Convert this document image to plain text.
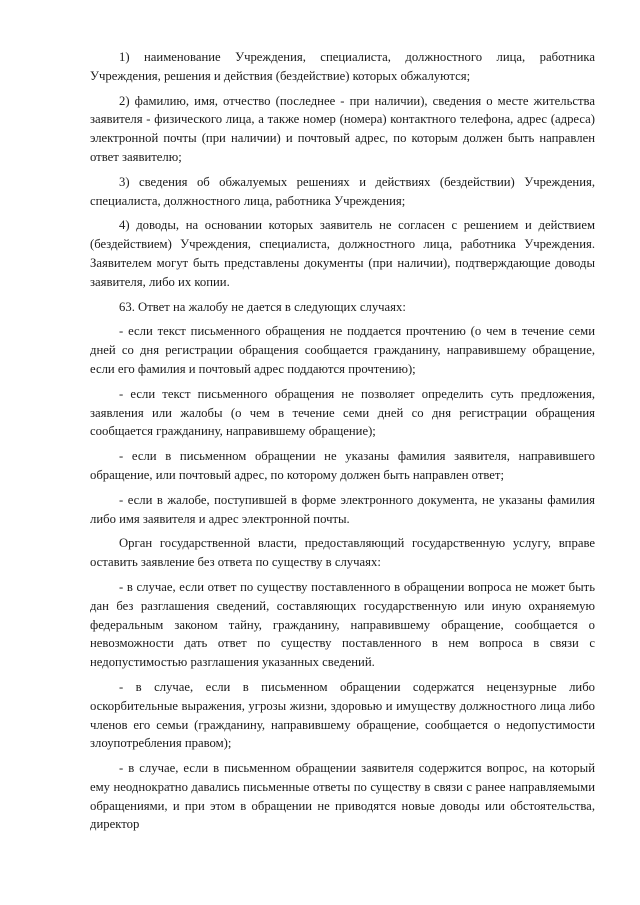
1) наименование Учреждения, специалиста, должностного лица, работника Учреждения, решения и действия (бездействие) которых обжалуются;

2) фамилию, имя, отчество (последнее - при наличии), сведения о месте жительства заявителя - физического лица, а также номер (номера) контактного телефона, адрес (адреса) электронной почты (при наличии) и почтовый адрес, по которым должен быть направлен ответ заявителю;

3) сведения об обжалуемых решениях и действиях (бездействии) Учреждения, специалиста, должностного лица, работника Учреждения;

4) доводы, на основании которых заявитель не согласен с решением и действием (бездействием) Учреждения, специалиста, должностного лица, работника Учреждения. Заявителем могут быть представлены документы (при наличии), подтверждающие доводы заявителя, либо их копии.

63. Ответ на жалобу не дается в следующих случаях:

- если текст письменного обращения не поддается прочтению (о чем в течение семи дней со дня регистрации обращения сообщается гражданину, направившему обращение, если его фамилия и почтовый адрес поддаются прочтению);

- если текст письменного обращения не позволяет определить суть предложения, заявления или жалобы (о чем в течение семи дней со дня регистрации обращения сообщается гражданину, направившему обращение);

- если в письменном обращении не указаны фамилия заявителя, направившего обращение, или почтовый адрес, по которому должен быть направлен ответ;

- если в жалобе, поступившей в форме электронного документа, не указаны фамилия либо имя заявителя и адрес электронной почты.

Орган государственной власти, предоставляющий государственную услугу, вправе оставить заявление без ответа по существу в случаях:

- в случае, если ответ по существу поставленного в обращении вопроса не может быть дан без разглашения сведений, составляющих государственную или иную охраняемую федеральным законом тайну, гражданину, направившему обращение, сообщается о невозможности дать ответ по существу поставленного в нем вопроса в связи с недопустимостью разглашения указанных сведений.

- в случае, если в письменном обращении содержатся нецензурные либо оскорбительные выражения, угрозы жизни, здоровью и имуществу должностного лица либо членов его семьи (гражданину, направившему обращение, сообщается о недопустимости злоупотребления правом);

- в случае, если в письменном обращении заявителя содержится вопрос, на который ему неоднократно давались письменные ответы по существу в связи с ранее направляемыми обращениями, и при этом в обращении не приводятся новые доводы или обстоятельства, директор
